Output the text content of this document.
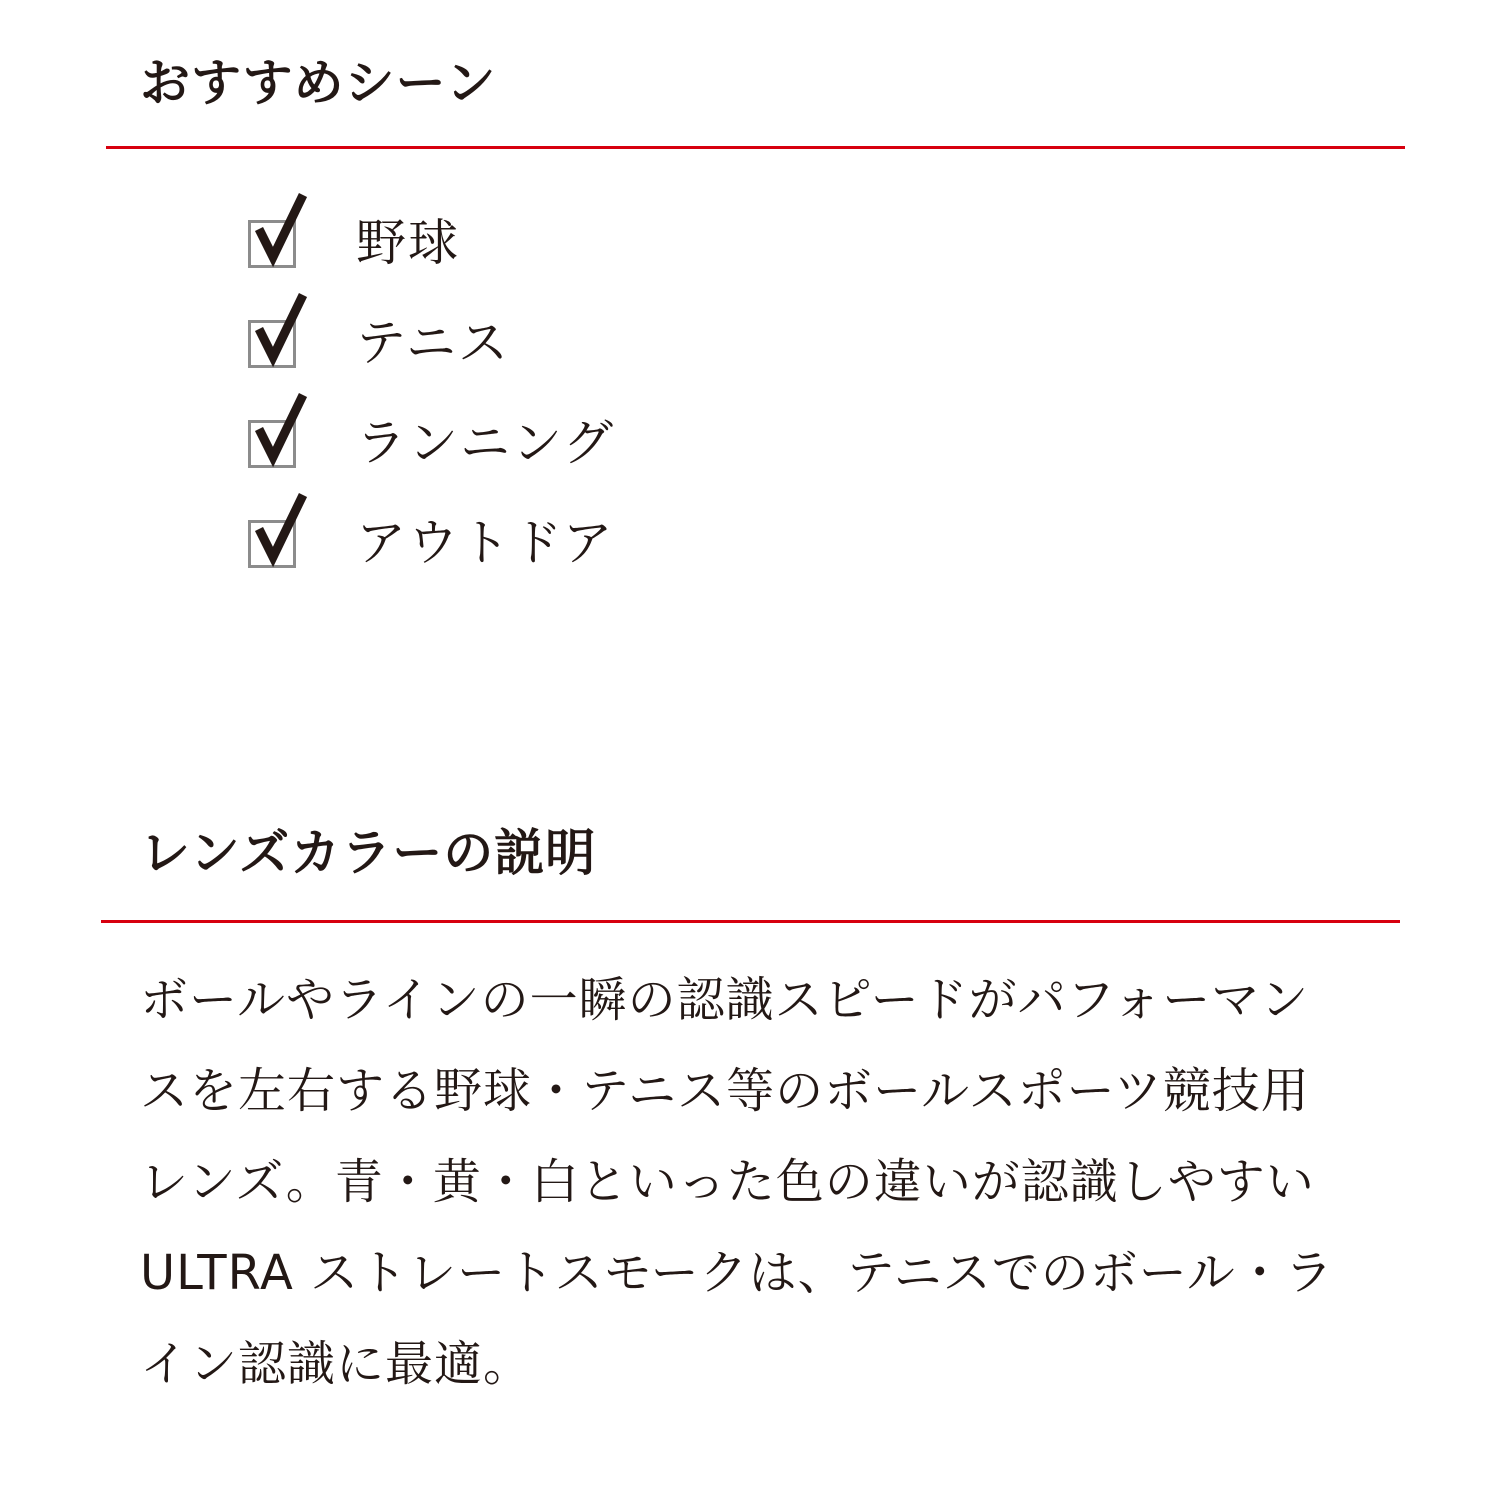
おすすめシーン
野球
テニス
ランニング
アウトドア
レンズカラーの説明
ボールやラインの一瞬の認識スピードがパフォーマン
スを左右する野球・テニス等のボールスポーツ競技用
レンズ。青・黄・白といった色の違いが認識しやすい
ULTRA ストレートスモークは、テニスでのボール・ラ
イン認識に最適。
